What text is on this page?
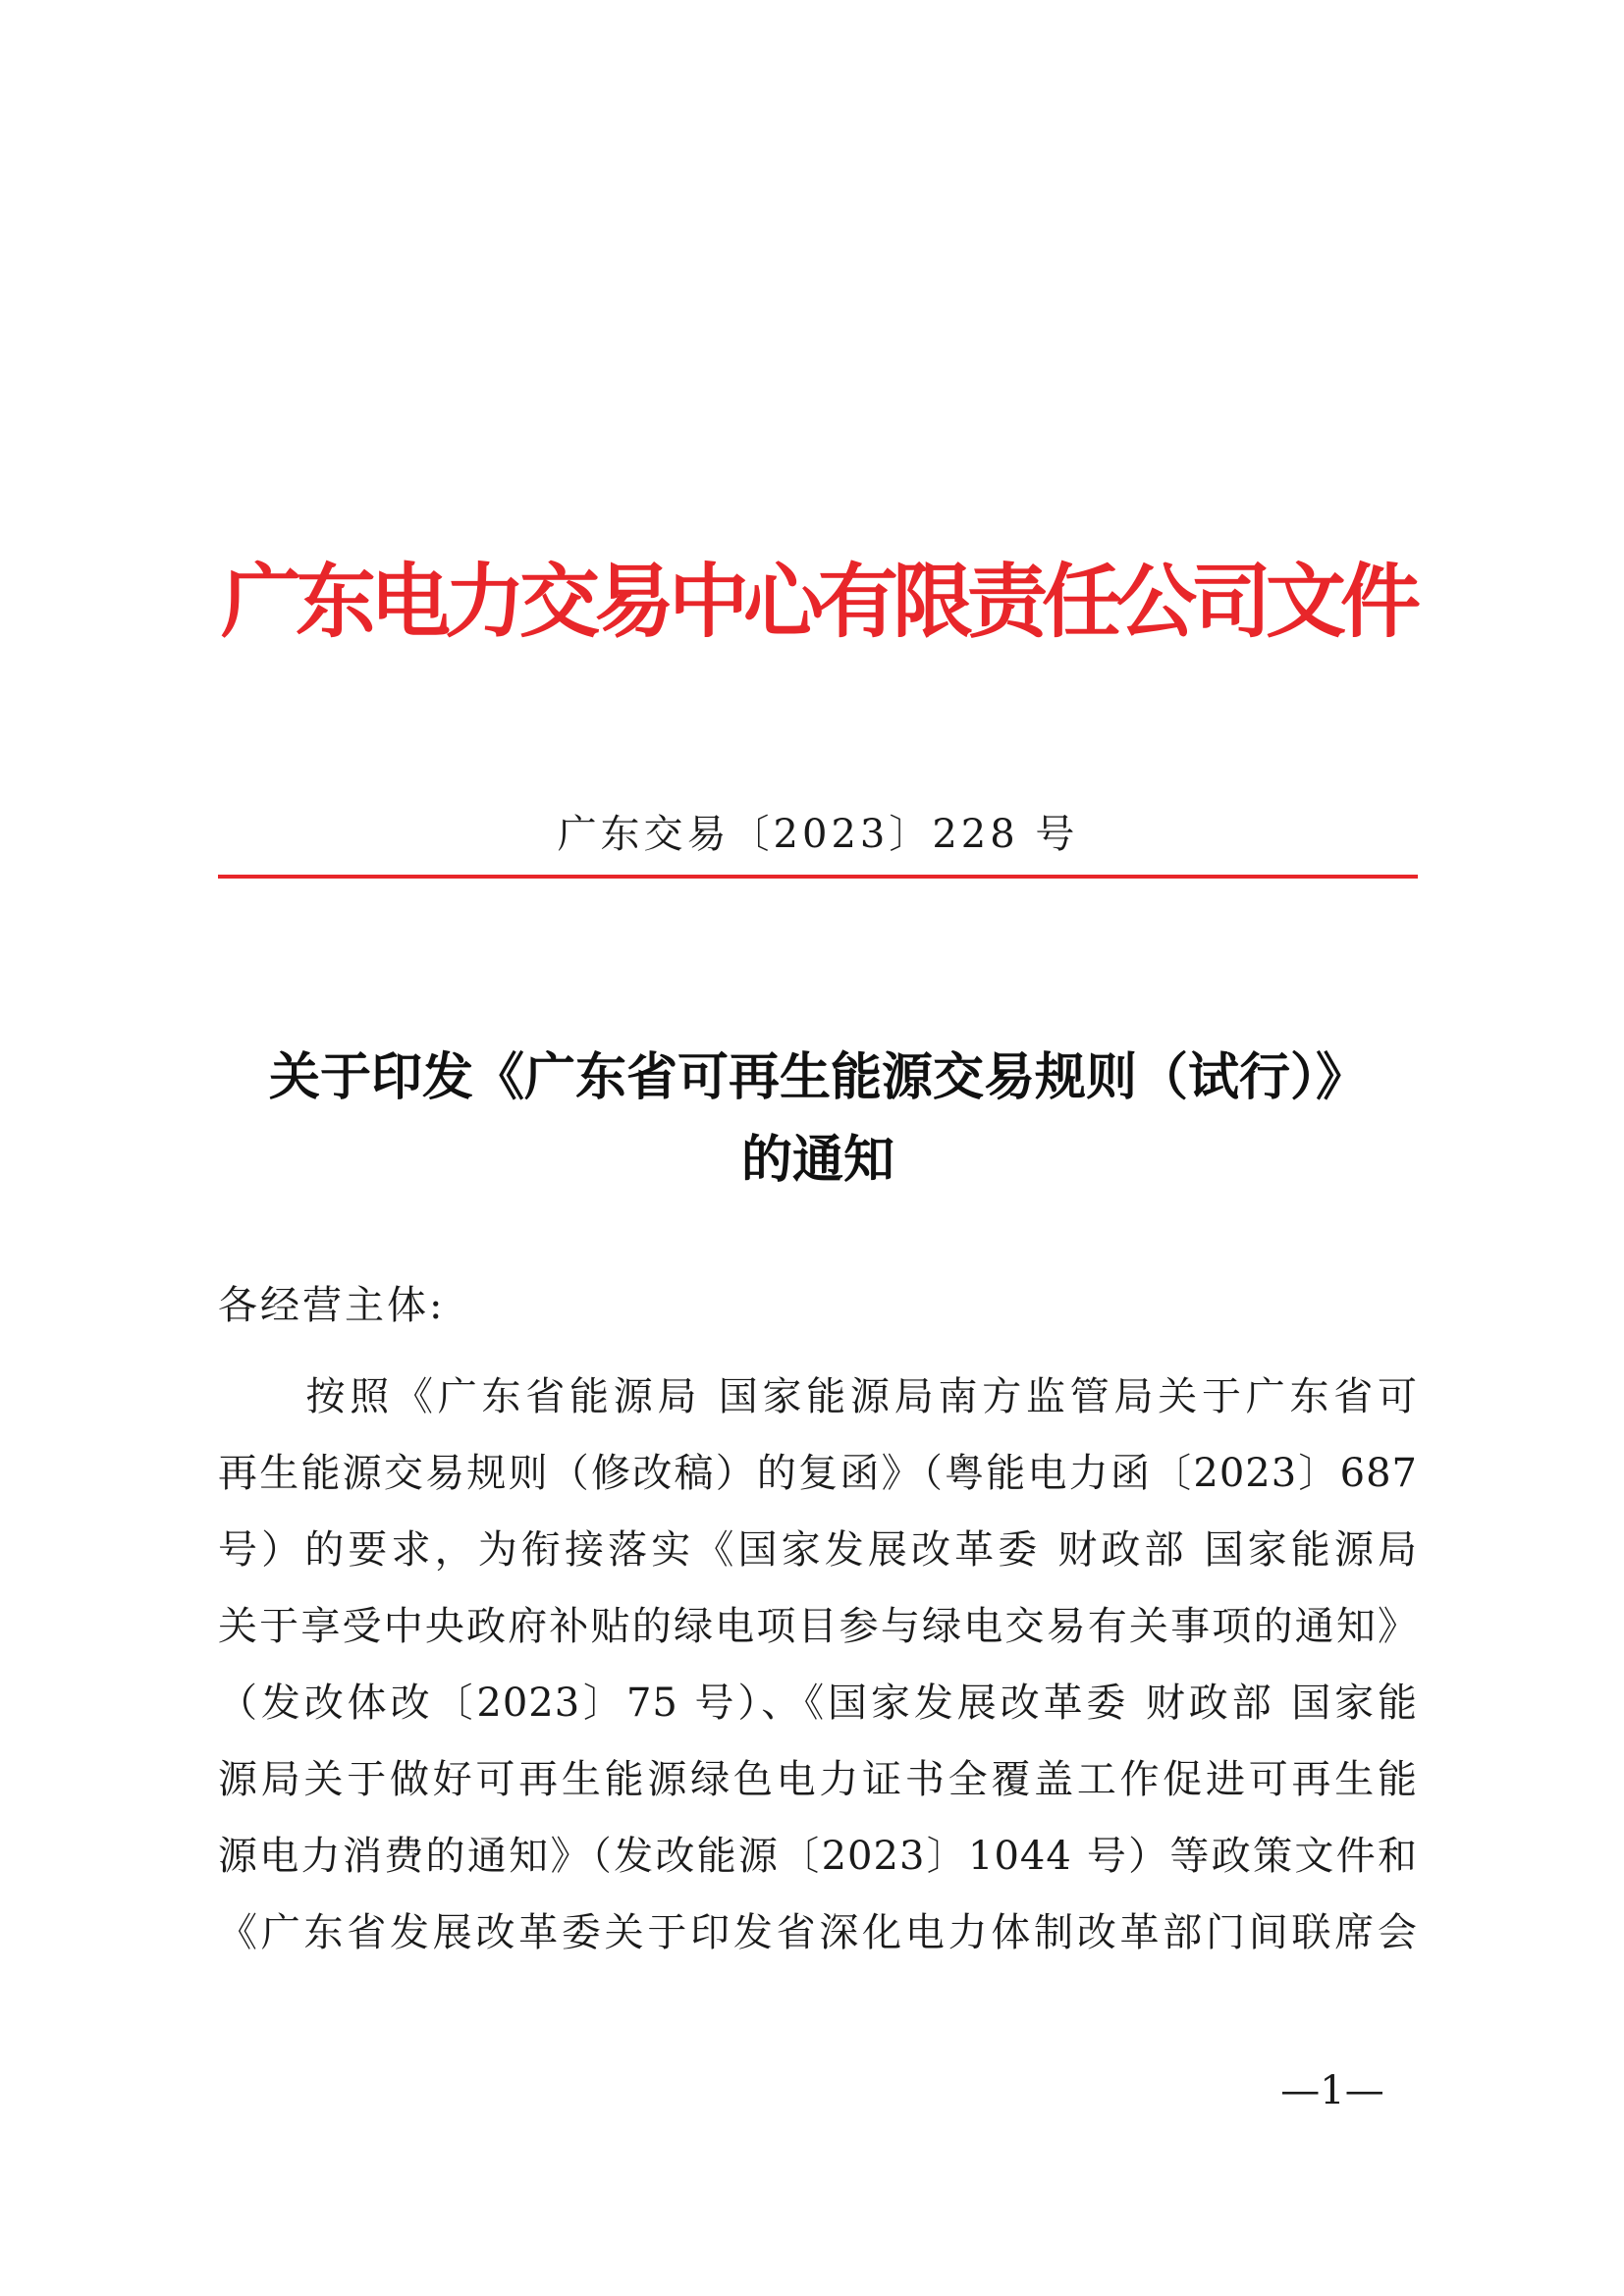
广东电力交易中心有限责任公司文件
广东交易〔2023〕228 号
关于印发《广东省可再生能源交易规则（试行）》
的通知
各经营主体:
　　按照《广东省能源局 国家能源局南方监管局关于广东省可
再生能源交易规则（修改稿）的复函》（粤能电力函〔2023〕687
号）的要求，为衔接落实《国家发展改革委 财政部 国家能源局
关于享受中央政府补贴的绿电项目参与绿电交易有关事项的通知》
（发改体改〔2023〕75 号）、《国家发展改革委 财政部 国家能
源局关于做好可再生能源绿色电力证书全覆盖工作促进可再生能
源电力消费的通知》（发改能源〔2023〕1044 号）等政策文件和
《广东省发展改革委关于印发省深化电力体制改革部门间联席会
—1—
